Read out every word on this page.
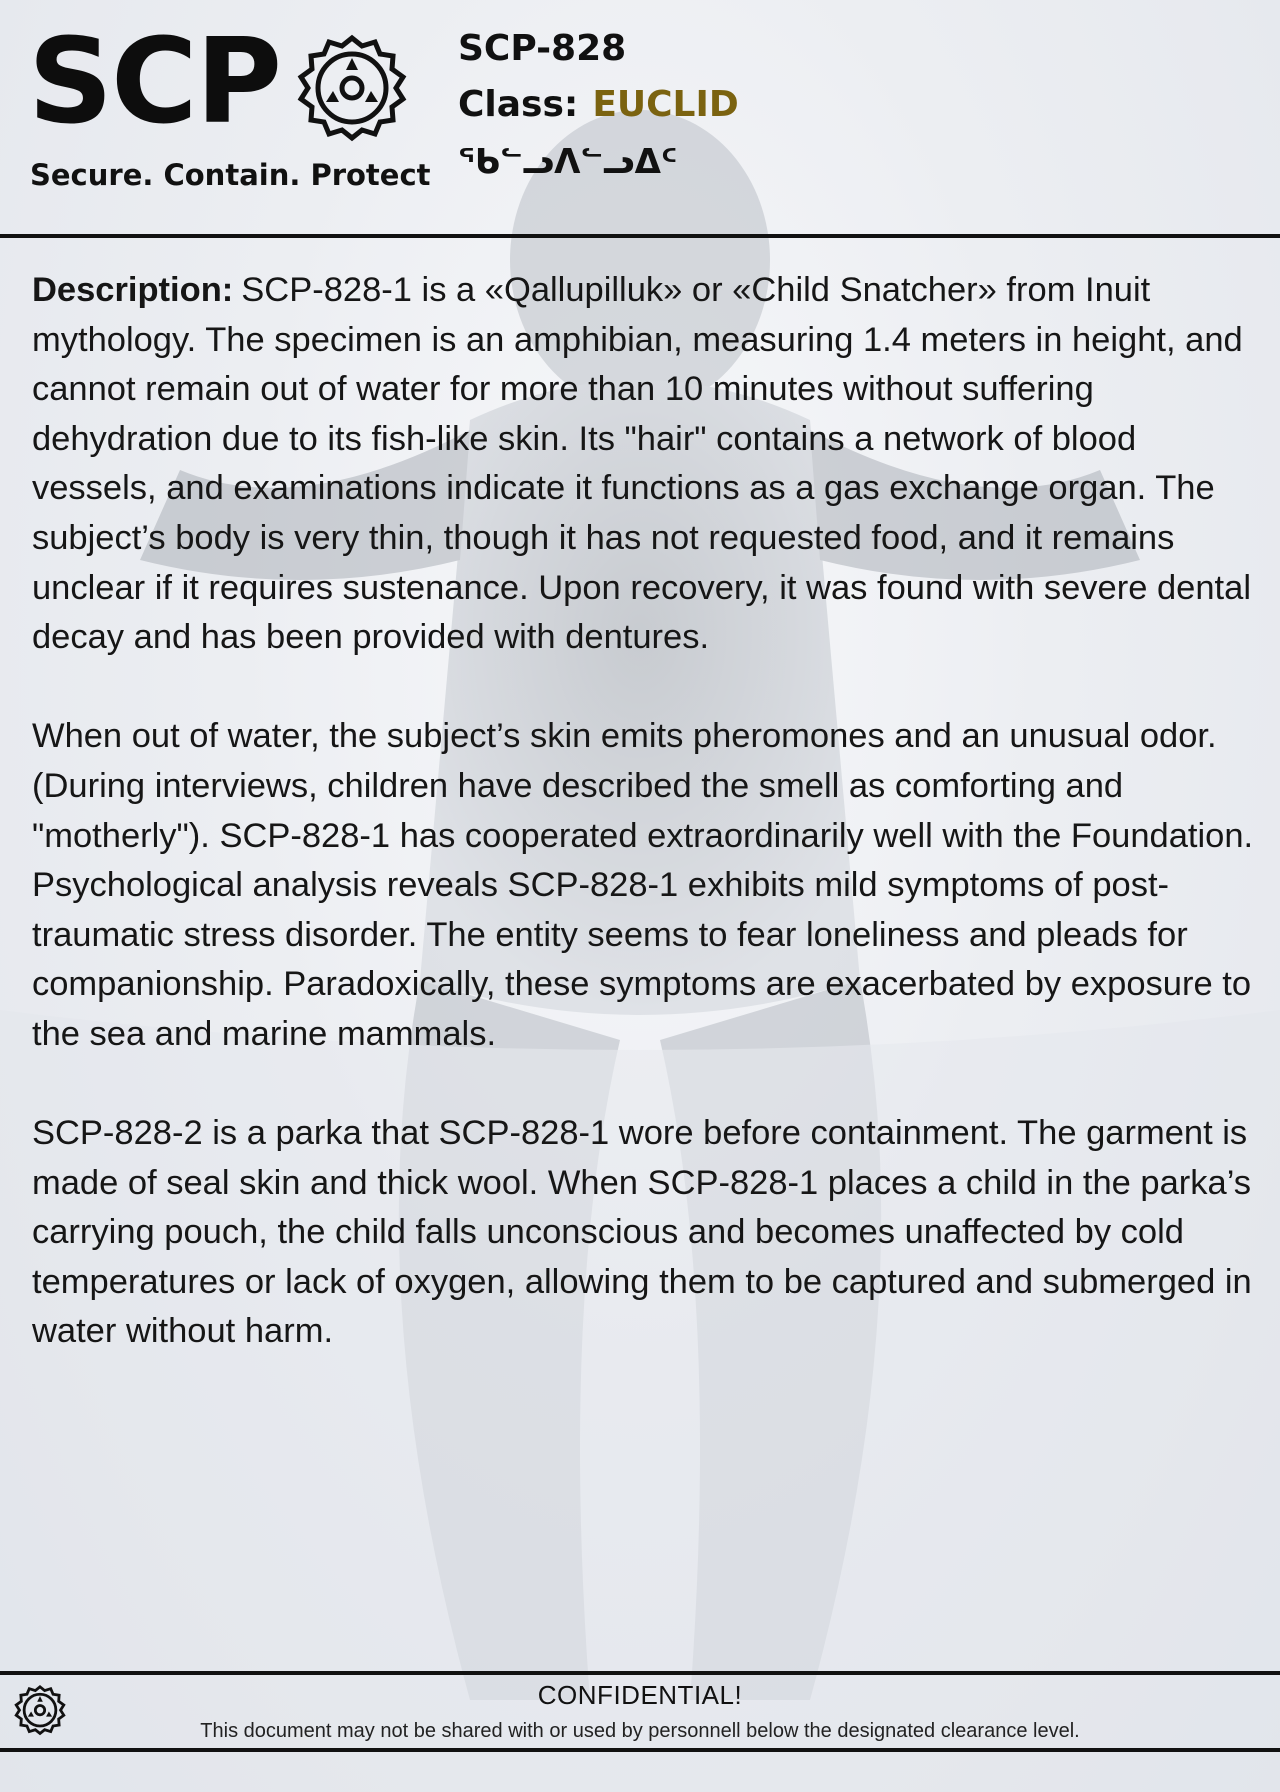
SCP
Secure. Contain. Protect
SCP-828
Class: EUCLID
ᖃᓪᓗᐱᓪᓗᐃᑦ

Description: SCP-828-1 is a «Qallupilluk» or «Child Snatcher» from Inuit mythology. The specimen is an amphibian, measuring 1.4 meters in height, and cannot remain out of water for more than 10 minutes without suffering dehydration due to its fish-like skin. Its "hair" contains a network of blood vessels, and examinations indicate it functions as a gas exchange organ. The subject’s body is very thin, though it has not requested food, and it remains unclear if it requires sustenance. Upon recovery, it was found with severe dental decay and has been provided with dentures.

When out of water, the subject’s skin emits pheromones and an unusual odor. (During interviews, children have described the smell as comforting and "motherly"). SCP-828-1 has cooperated extraordinarily well with the Foundation. Psychological analysis reveals SCP-828-1 exhibits mild symptoms of post-traumatic stress disorder. The entity seems to fear loneliness and pleads for companionship. Paradoxically, these symptoms are exacerbated by exposure to the sea and marine mammals.

SCP-828-2 is a parka that SCP-828-1 wore before containment. The garment is made of seal skin and thick wool. When SCP-828-1 places a child in the parka’s carrying pouch, the child falls unconscious and becomes unaffected by cold temperatures or lack of oxygen, allowing them to be captured and submerged in water without harm.

CONFIDENTIAL!
This document may not be shared with or used by personnell below the designated clearance level.
